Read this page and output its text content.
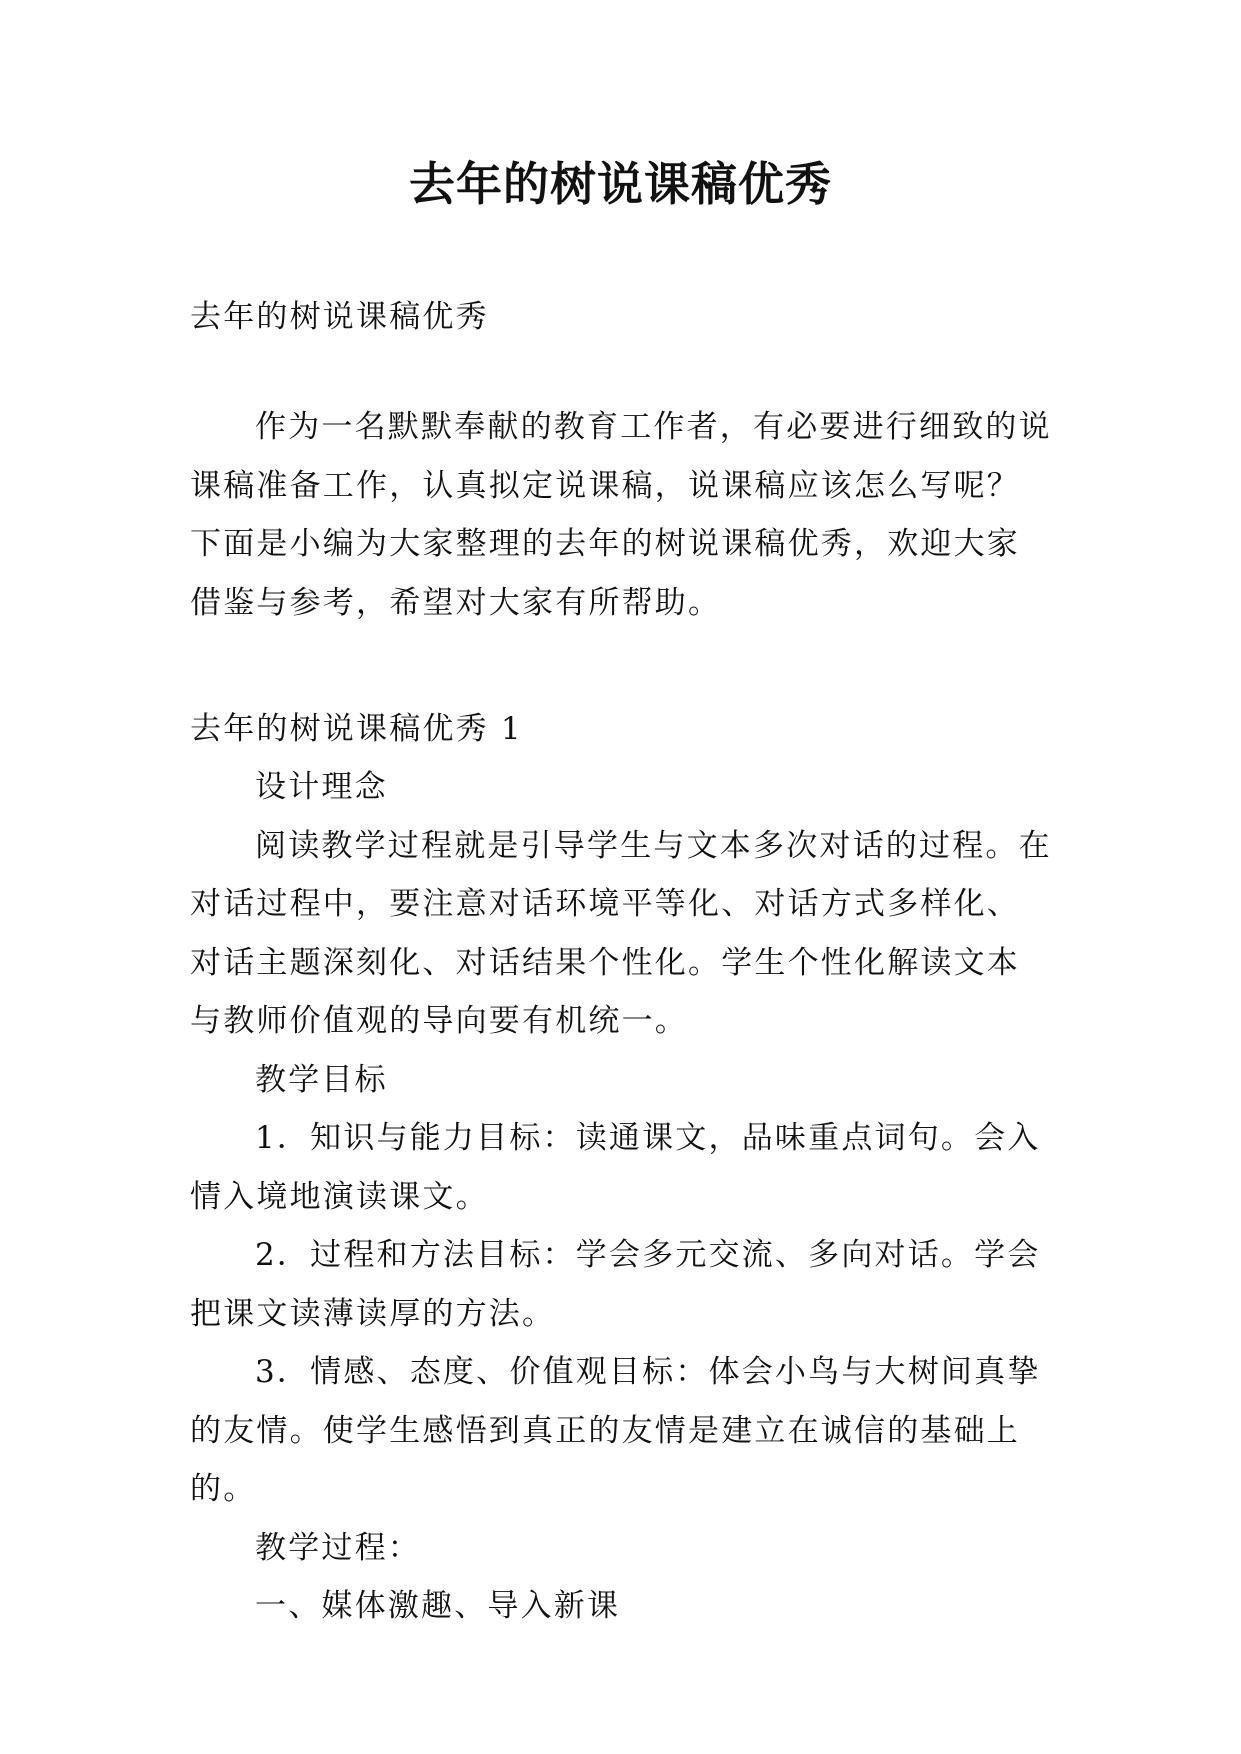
去年的树说课稿优秀

去年的树说课稿优秀

作为一名默默奉献的教育工作者，有必要进行细致的说课稿准备工作，认真拟定说课稿，说课稿应该怎么写呢？下面是小编为大家整理的去年的树说课稿优秀，欢迎大家借鉴与参考，希望对大家有所帮助。

去年的树说课稿优秀 1

设计理念

阅读教学过程就是引导学生与文本多次对话的过程。在对话过程中，要注意对话环境平等化、对话方式多样化、对话主题深刻化、对话结果个性化。学生个性化解读文本与教师价值观的导向要有机统一。

教学目标

1．知识与能力目标：读通课文，品味重点词句。会入情入境地演读课文。

2．过程和方法目标：学会多元交流、多向对话。学会把课文读薄读厚的方法。

3．情感、态度、价值观目标：体会小鸟与大树间真挚的友情。使学生感悟到真正的友情是建立在诚信的基础上的。

教学过程：

一、媒体激趣、导入新课
